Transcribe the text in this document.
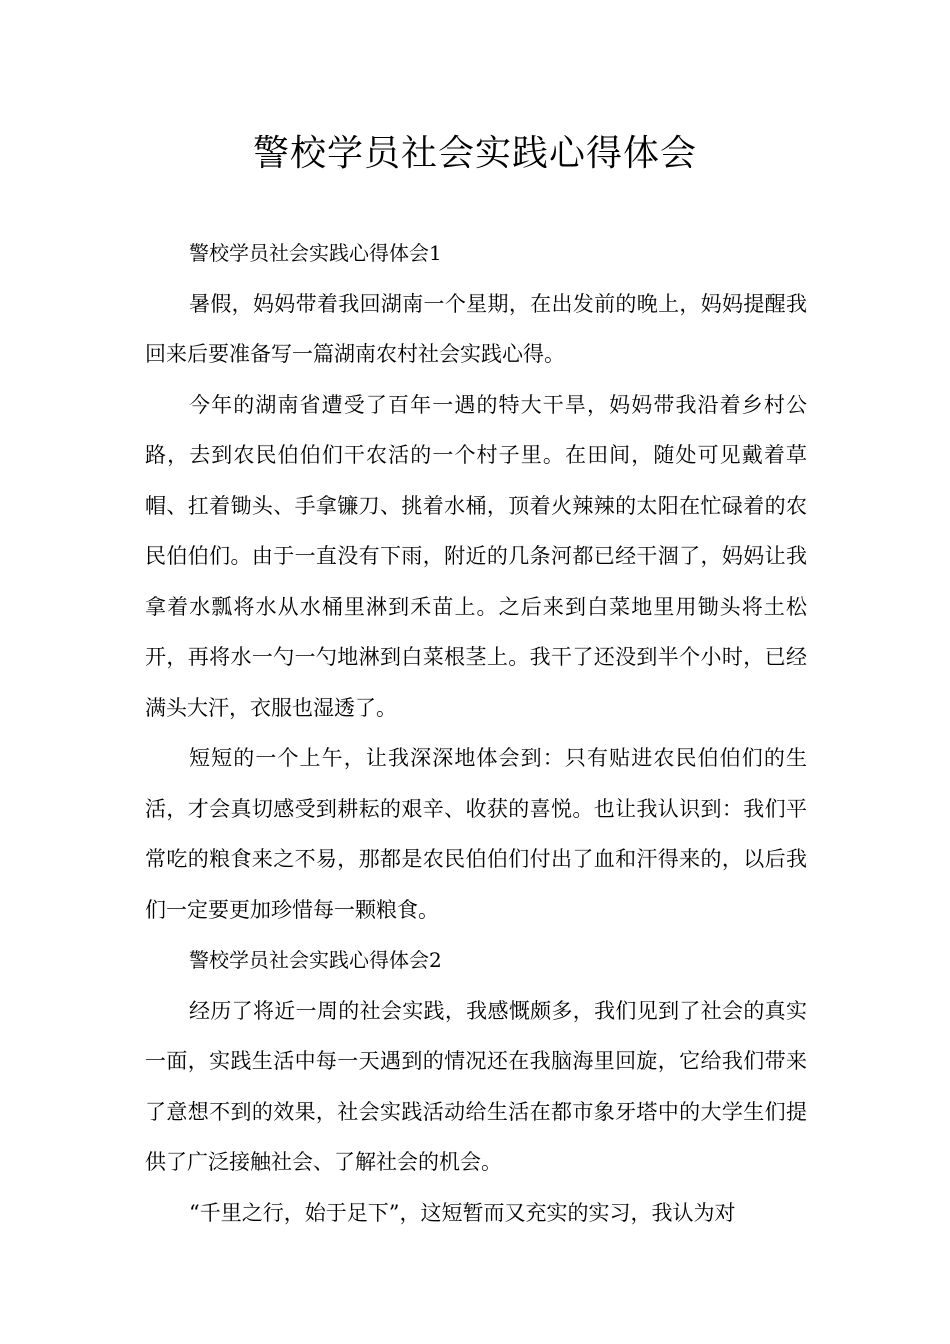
警校学员社会实践心得体会

警校学员社会实践心得体会1

暑假，妈妈带着我回湖南一个星期，在出发前的晚上，妈妈提醒我回来后要准备写一篇湖南农村社会实践心得。

今年的湖南省遭受了百年一遇的特大干旱，妈妈带我沿着乡村公路，去到农民伯伯们干农活的一个村子里。在田间，随处可见戴着草帽、扛着锄头、手拿镰刀、挑着水桶，顶着火辣辣的太阳在忙碌着的农民伯伯们。由于一直没有下雨，附近的几条河都已经干涸了，妈妈让我拿着水瓢将水从水桶里淋到禾苗上。之后来到白菜地里用锄头将土松开，再将水一勺一勺地淋到白菜根茎上。我干了还没到半个小时，已经满头大汗，衣服也湿透了。

短短的一个上午，让我深深地体会到：只有贴进农民伯伯们的生活，才会真切感受到耕耘的艰辛、收获的喜悦。也让我认识到：我们平常吃的粮食来之不易，那都是农民伯伯们付出了血和汗得来的，以后我们一定要更加珍惜每一颗粮食。

警校学员社会实践心得体会2

经历了将近一周的社会实践，我感慨颇多，我们见到了社会的真实一面，实践生活中每一天遇到的情况还在我脑海里回旋，它给我们带来了意想不到的效果，社会实践活动给生活在都市象牙塔中的大学生们提供了广泛接触社会、了解社会的机会。

“千里之行，始于足下”，这短暂而又充实的实习，我认为对
